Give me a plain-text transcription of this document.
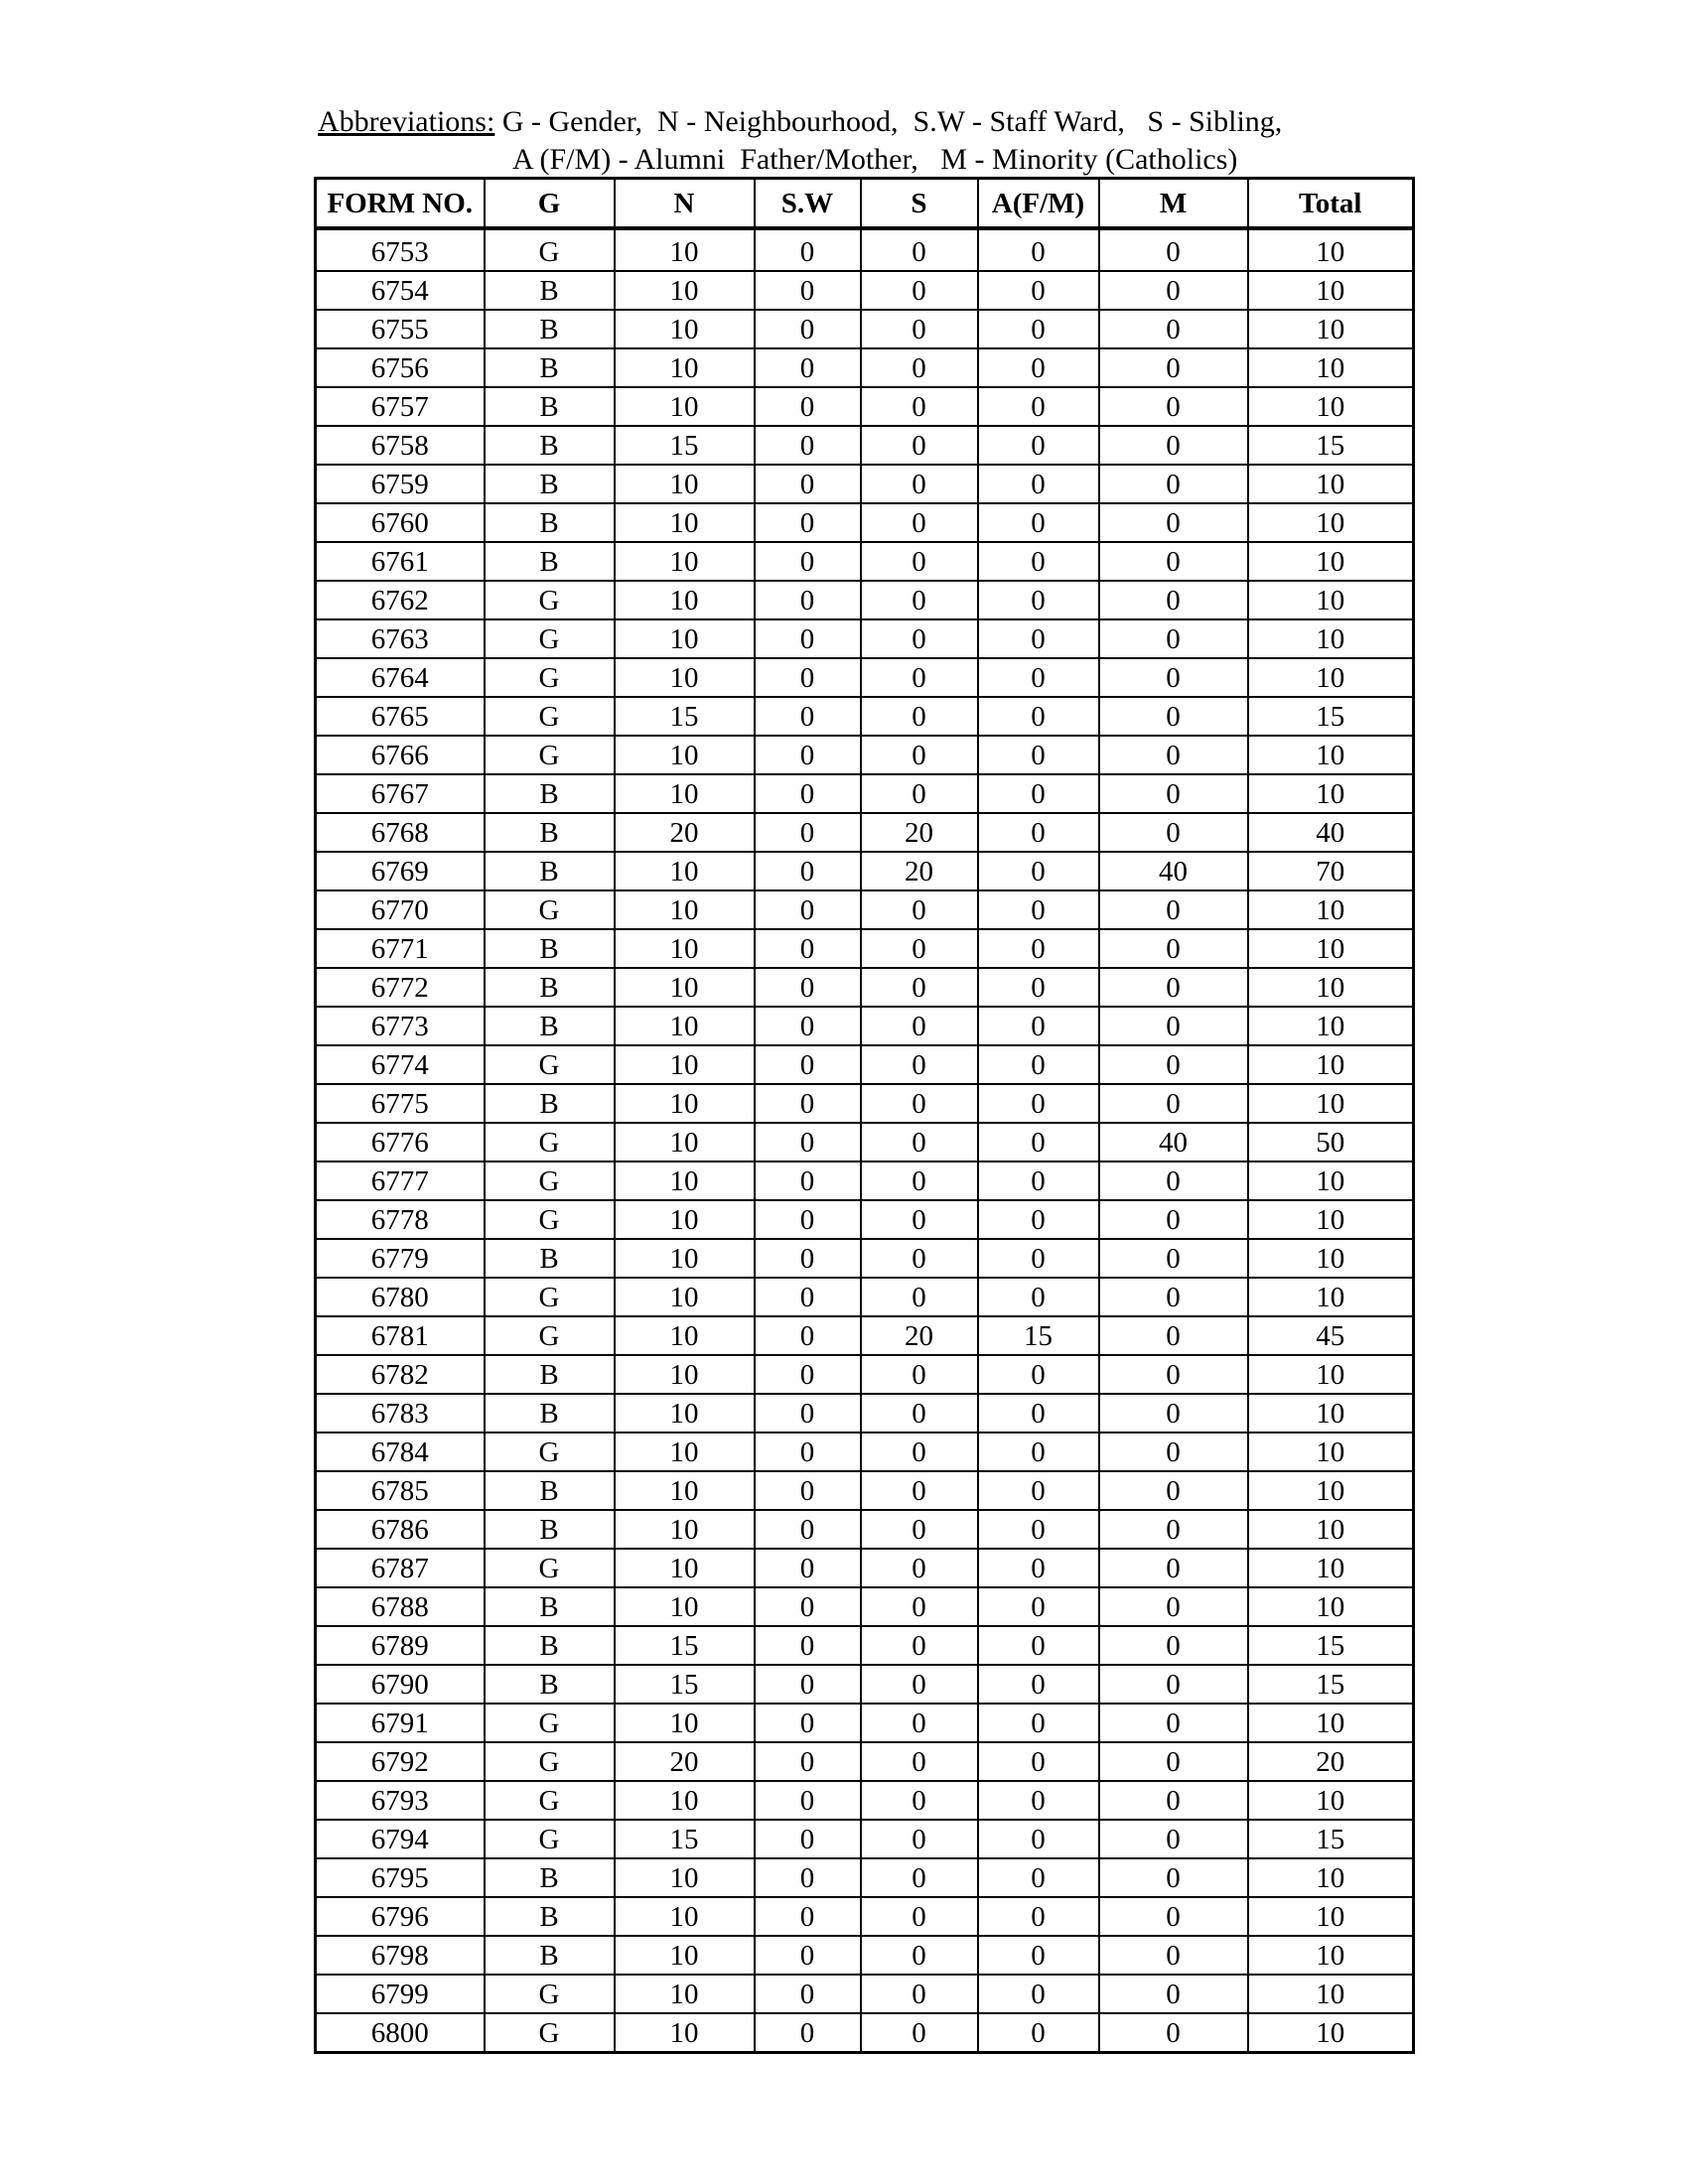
Abbreviations: G - Gender,  N - Neighbourhood,  S.W - Staff Ward,   S - Sibling,
A (F/M) - Alumni  Father/Mother,   M - Minority (Catholics)
FORM NO.	G	N	S.W	S	A(F/M)	M	Total
6753	G	10	0	0	0	0	10
6754	B	10	0	0	0	0	10
6755	B	10	0	0	0	0	10
6756	B	10	0	0	0	0	10
6757	B	10	0	0	0	0	10
6758	B	15	0	0	0	0	15
6759	B	10	0	0	0	0	10
6760	B	10	0	0	0	0	10
6761	B	10	0	0	0	0	10
6762	G	10	0	0	0	0	10
6763	G	10	0	0	0	0	10
6764	G	10	0	0	0	0	10
6765	G	15	0	0	0	0	15
6766	G	10	0	0	0	0	10
6767	B	10	0	0	0	0	10
6768	B	20	0	20	0	0	40
6769	B	10	0	20	0	40	70
6770	G	10	0	0	0	0	10
6771	B	10	0	0	0	0	10
6772	B	10	0	0	0	0	10
6773	B	10	0	0	0	0	10
6774	G	10	0	0	0	0	10
6775	B	10	0	0	0	0	10
6776	G	10	0	0	0	40	50
6777	G	10	0	0	0	0	10
6778	G	10	0	0	0	0	10
6779	B	10	0	0	0	0	10
6780	G	10	0	0	0	0	10
6781	G	10	0	20	15	0	45
6782	B	10	0	0	0	0	10
6783	B	10	0	0	0	0	10
6784	G	10	0	0	0	0	10
6785	B	10	0	0	0	0	10
6786	B	10	0	0	0	0	10
6787	G	10	0	0	0	0	10
6788	B	10	0	0	0	0	10
6789	B	15	0	0	0	0	15
6790	B	15	0	0	0	0	15
6791	G	10	0	0	0	0	10
6792	G	20	0	0	0	0	20
6793	G	10	0	0	0	0	10
6794	G	15	0	0	0	0	15
6795	B	10	0	0	0	0	10
6796	B	10	0	0	0	0	10
6798	B	10	0	0	0	0	10
6799	G	10	0	0	0	0	10
6800	G	10	0	0	0	0	10
